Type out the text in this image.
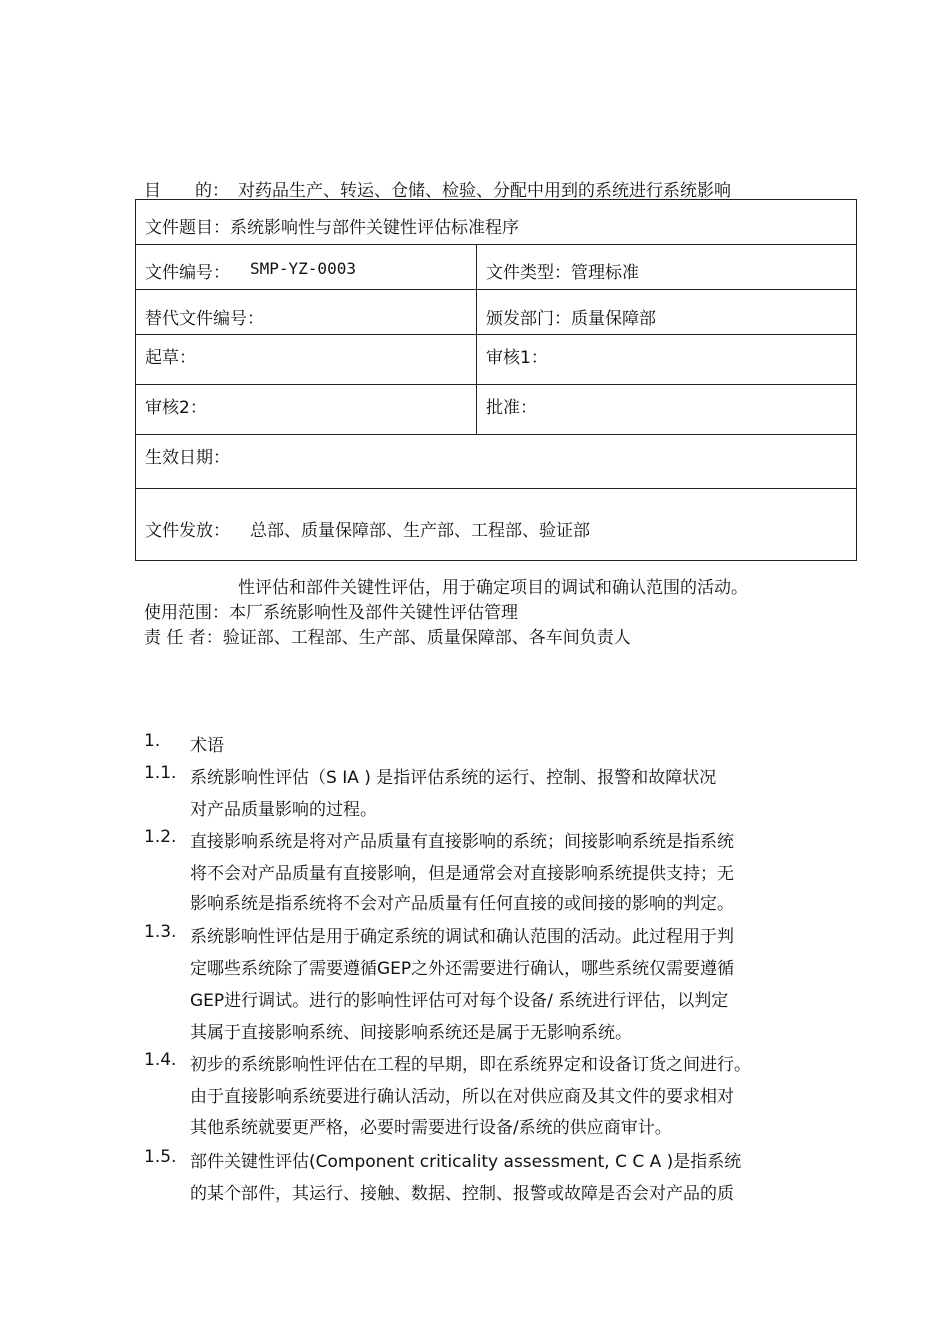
目　　的： 对药品生产、转运、仓储、检验、分配中用到的系统进行系统影响
文件题目：系统影响性与部件关键性评估标准程序
文件编号： SMP-YZ-0003	文件类型：管理标准
替代文件编号：	颁发部门：质量保障部
起草：	审核1：
审核2：	批准：
生效日期：
文件发放： 总部、质量保障部、生产部、工程部、验证部
性评估和部件关键性评估，用于确定项目的调试和确认范围的活动。
使用范围：本厂系统影响性及部件关键性评估管理
责 任 者：验证部、工程部、生产部、质量保障部、各车间负责人
1. 术语
1.1. 系统影响性评估（S IA ) 是指评估系统的运行、控制、报警和故障状况
对产品质量影响的过程。
1.2. 直接影响系统是将对产品质量有直接影响的系统；间接影响系统是指系统
将不会对产品质量有直接影响，但是通常会对直接影响系统提供支持；无
影响系统是指系统将不会对产品质量有任何直接的或间接的影响的判定。
1.3. 系统影响性评估是用于确定系统的调试和确认范围的活动。此过程用于判
定哪些系统除了需要遵循GEP之外还需要进行确认，哪些系统仅需要遵循
GEP进行调试。进行的影响性评估可对每个设备/ 系统进行评估，以判定
其属于直接影响系统、间接影响系统还是属于无影响系统。
1.4. 初步的系统影响性评估在工程的早期，即在系统界定和设备订货之间进行。
由于直接影响系统要进行确认活动，所以在对供应商及其文件的要求相对
其他系统就要更严格，必要时需要进行设备/系统的供应商审计。
1.5. 部件关键性评估(Component criticality assessment, C C A )是指系统
的某个部件，其运行、接触、数据、控制、报警或故障是否会对产品的质
